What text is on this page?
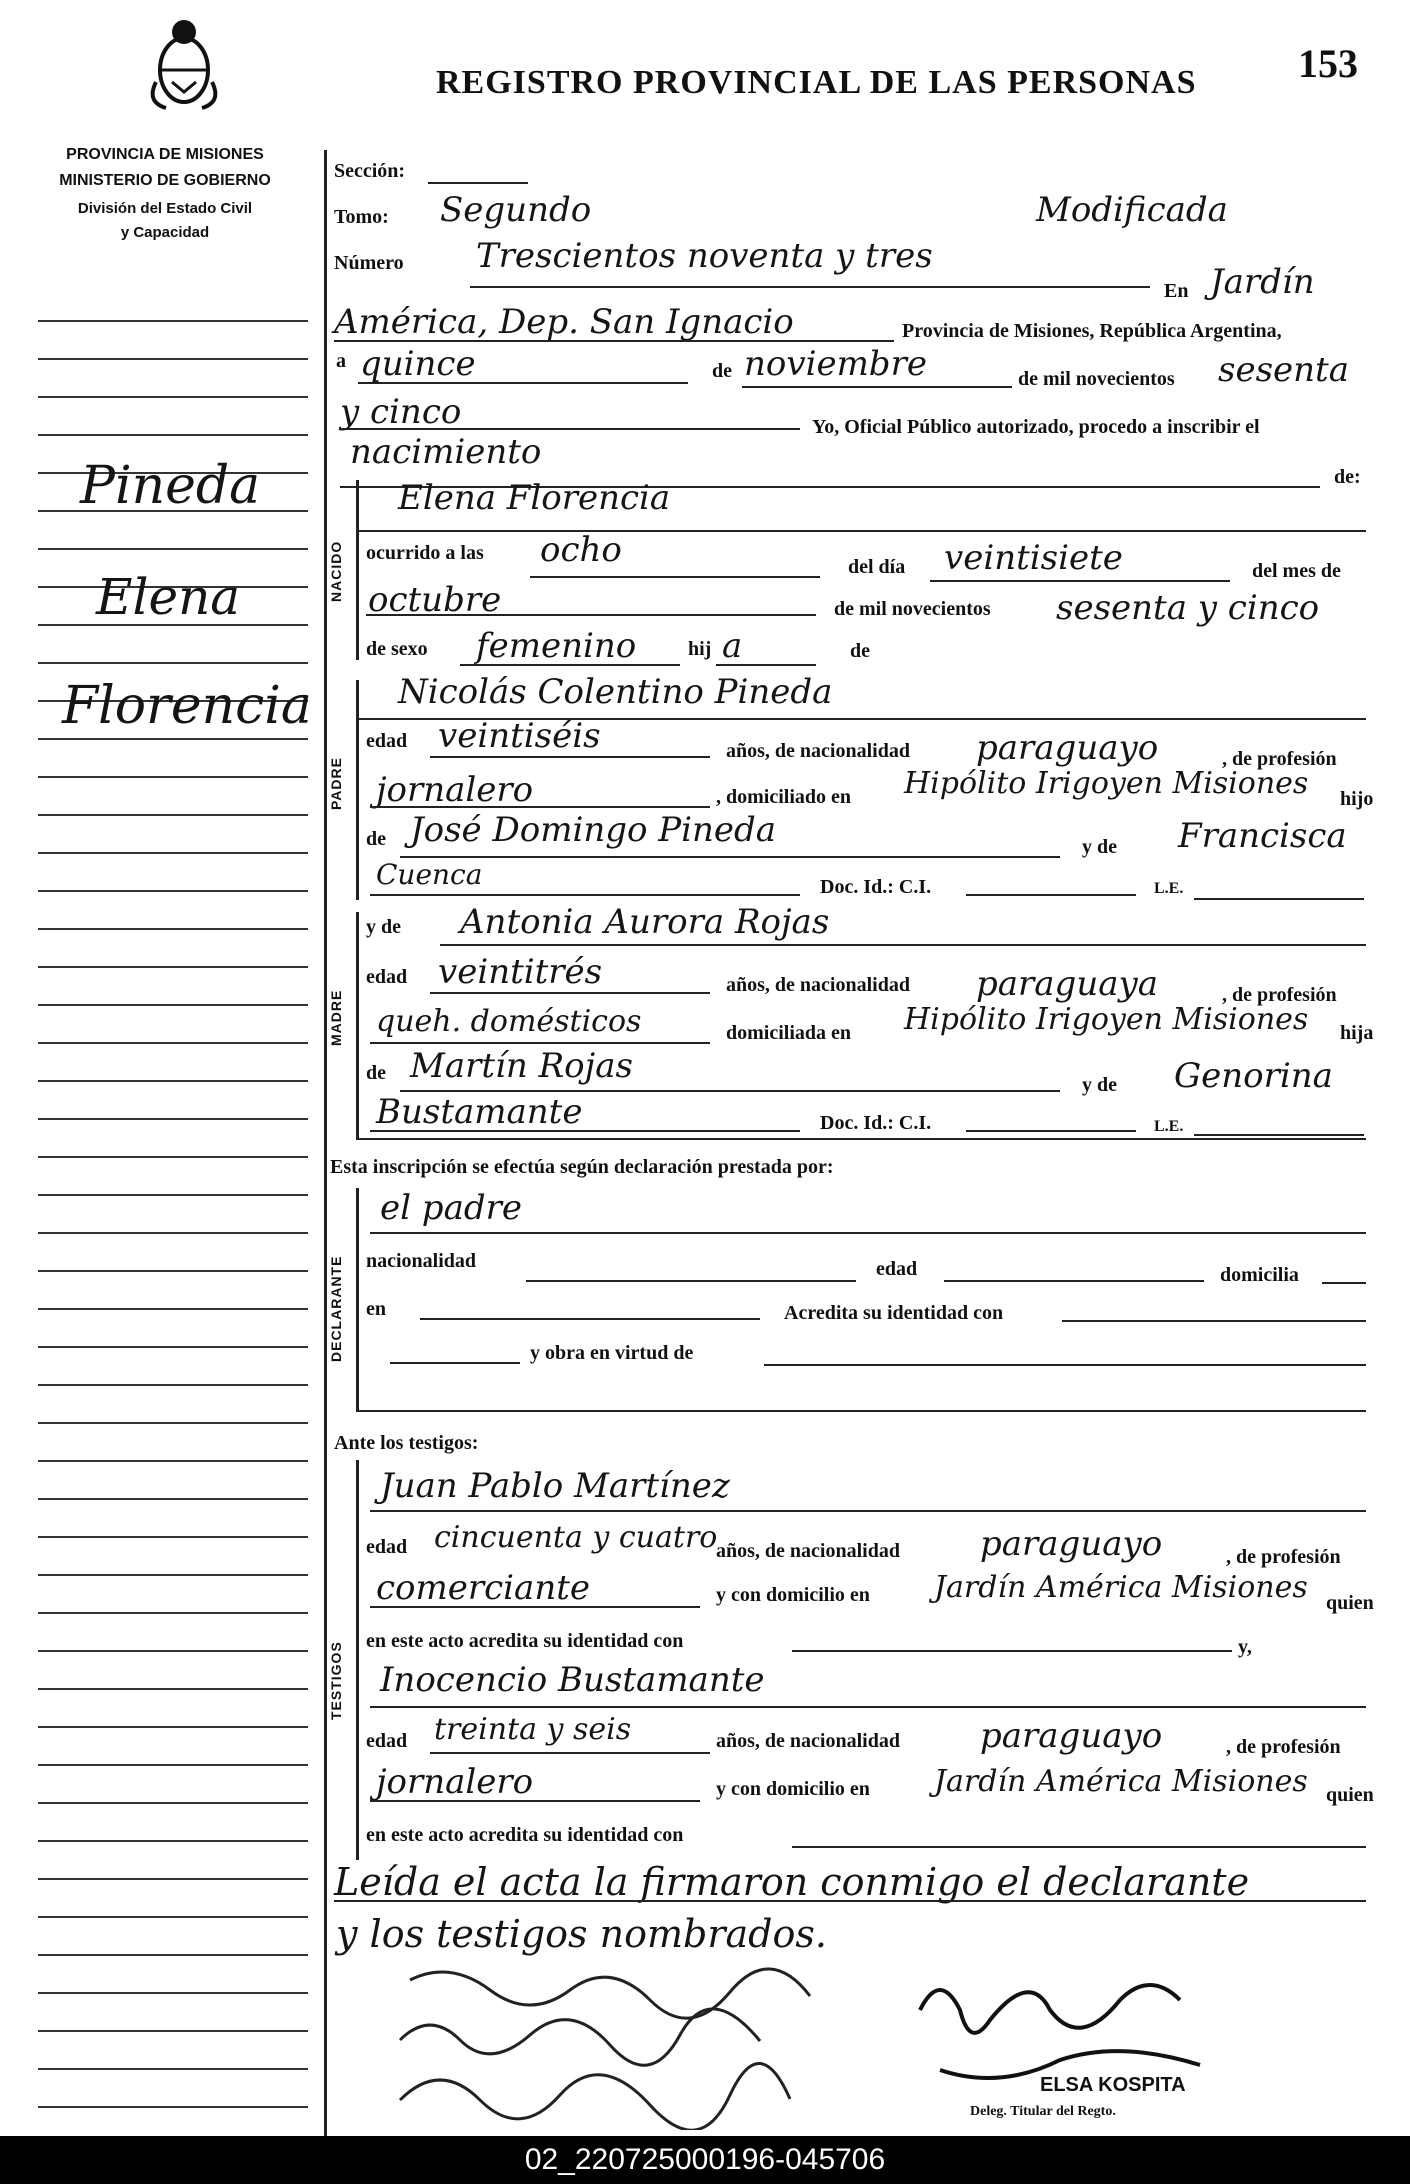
REGISTRO PROVINCIAL DE LAS PERSONAS	153
PROVINCIA DE MISIONES
MINISTERIO DE GOBIERNO
División del Estado Civil
y Capacidad
Pineda
Elena
Florencia
NACIDO
PADRE
MADRE
DECLARANTE
TESTIGOS
Sección:
Tomo: Segundo	Modificada
Número Trescientos noventa y tres
En Jardín
América, Dep. San Ignacio	Provincia de Misiones, República Argentina,
a quince	de noviembre	de mil novecientos sesenta
y cinco	Yo, Oficial Público autorizado, procedo a inscribir el
nacimiento
de:
Elena Florencia
ocurrido a las ocho	del día veintisiete	del mes de
octubre	de mil novecientos sesenta y cinco
de sexo femenino	hij a	de
Nicolás Colentino Pineda
edad veintiséis	años, de nacionalidad paraguayo	, de profesión
jornalero	, domiciliado en Hipólito Irigoyen Misiones hijo
de José Domingo Pineda	y de Francisca
Cuenca	Doc. Id.: C.I.	L.E.
y de Antonia Aurora Rojas
edad veintitrés	años, de nacionalidad paraguaya	, de profesión
queh. domésticos	domiciliada en Hipólito Irigoyen Misiones hija
de Martín Rojas	y de Genorina
Bustamante	Doc. Id.: C.I.	L.E.
Esta inscripción se efectúa según declaración prestada por:
el padre
nacionalidad	edad	domicilia
en	Acredita su identidad con
y obra en virtud de
Ante los testigos:
Juan Pablo Martínez
edad cincuenta y cuatro
años, de nacionalidad paraguayo	, de profesión
comerciante	y con domicilio en Jardín América Misiones quien
en este acto acredita su identidad con	y,
Inocencio Bustamante
edad treinta y seis	años, de nacionalidad paraguayo	, de profesión
jornalero	y con domicilio en Jardín América Misiones quien
en este acto acredita su identidad con
Leída el acta la firmaron conmigo el declarante
y los testigos nombrados.
ELSA KOSPITA
Deleg. Titular del Regto.
02_220725000196-045706
